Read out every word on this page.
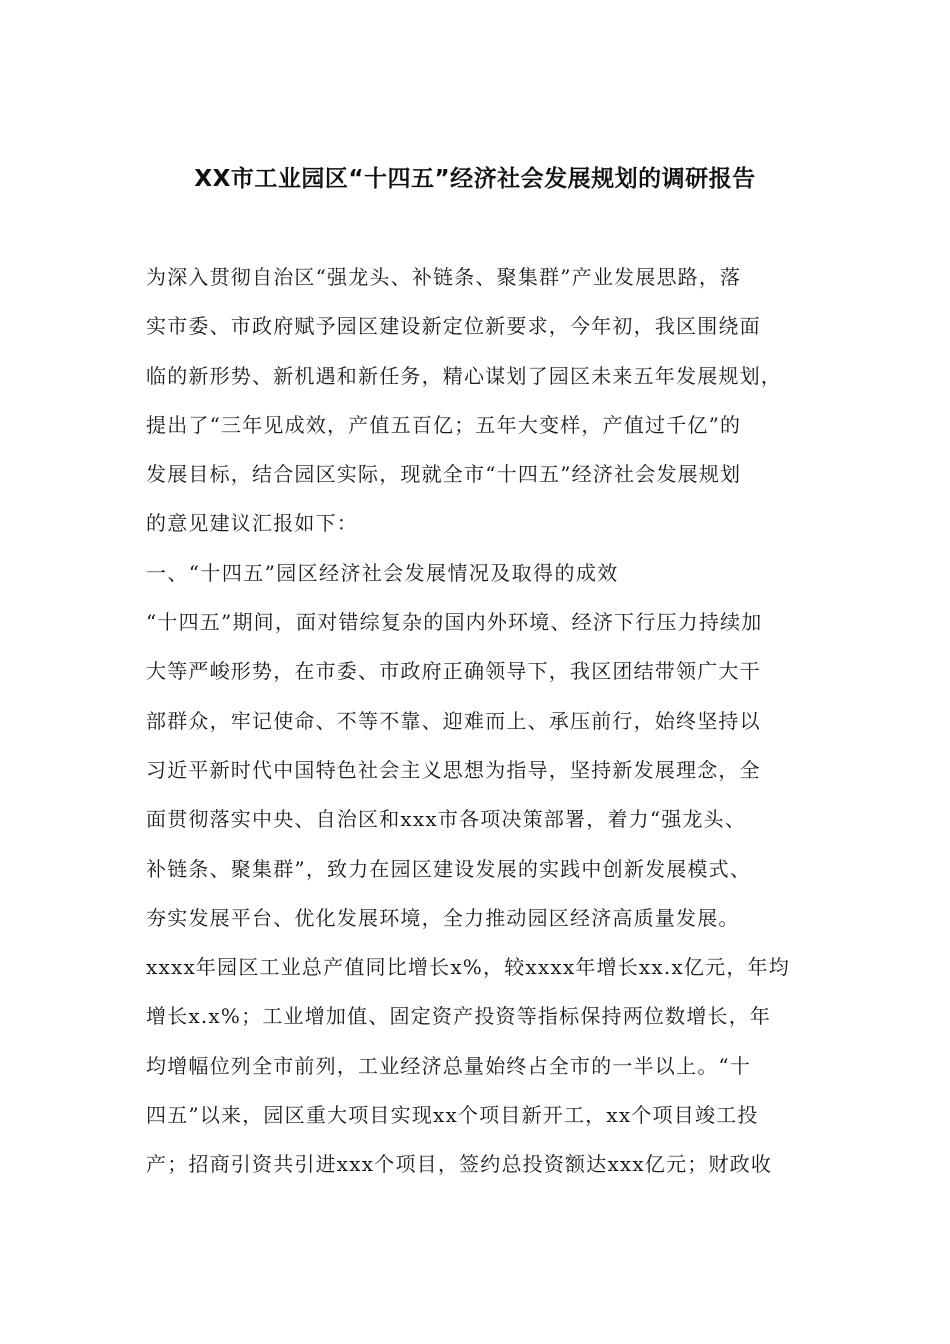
XX市工业园区“十四五”经济社会发展规划的调研报告
为深入贯彻自治区“强龙头、补链条、聚集群”产业发展思路，落
实市委、市政府赋予园区建设新定位新要求，今年初，我区围绕面
临的新形势、新机遇和新任务，精心谋划了园区未来五年发展规划，
提出了“三年见成效，产值五百亿；五年大变样，产值过千亿”的
发展目标，结合园区实际，现就全市“十四五”经济社会发展规划
的意见建议汇报如下：
一、“十四五”园区经济社会发展情况及取得的成效
“十四五”期间，面对错综复杂的国内外环境、经济下行压力持续加
大等严峻形势，在市委、市政府正确领导下，我区团结带领广大干
部群众，牢记使命、不等不靠、迎难而上、承压前行，始终坚持以
习近平新时代中国特色社会主义思想为指导，坚持新发展理念，全
面贯彻落实中央、自治区和xxx市各项决策部署，着力“强龙头、
补链条、聚集群”，致力在园区建设发展的实践中创新发展模式、
夯实发展平台、优化发展环境，全力推动园区经济高质量发展。
xxxx年园区工业总产值同比增长x%，较xxxx年增长xx.x亿元，年均
增长x.x%；工业增加值、固定资产投资等指标保持两位数增长，年
均增幅位列全市前列，工业经济总量始终占全市的一半以上。“十
四五”以来，园区重大项目实现xx个项目新开工，xx个项目竣工投
产；招商引资共引进xxx个项目，签约总投资额达xxx亿元；财政收
